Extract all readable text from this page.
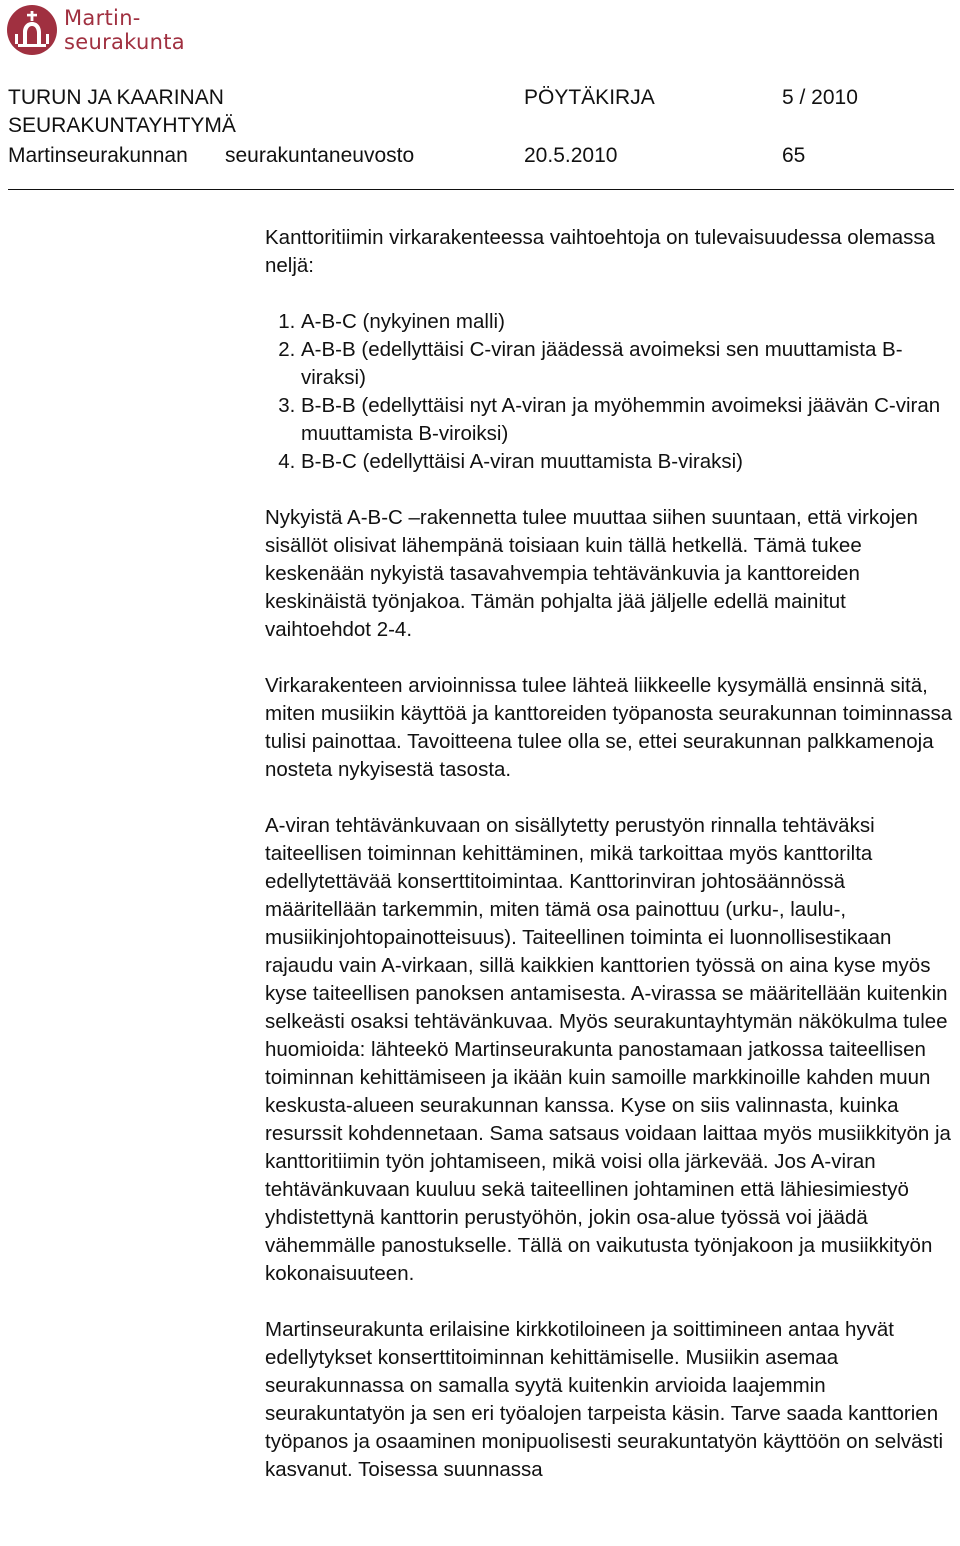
Martin-
seurakunta
TURUN JA KAARINAN
SEURAKUNTAYHTYMÄ
PÖYTÄKIRJA	5 / 2010
Martinseurakunnan seurakuntaneuvosto	20.5.2010	65

Kanttoritiimin virkarakenteessa vaihtoehtoja on tulevaisuudessa olemassa neljä:

1. A-B-C (nykyinen malli)
2. A-B-B (edellyttäisi C-viran jäädessä avoimeksi sen muuttamista B-viraksi)
3. B-B-B (edellyttäisi nyt A-viran ja myöhemmin avoimeksi jäävän C-viran muuttamista B-viroiksi)
4. B-B-C (edellyttäisi A-viran muuttamista B-viraksi)

Nykyistä A-B-C –rakennetta tulee muuttaa siihen suuntaan, että virkojen sisällöt olisivat lähempänä toisiaan kuin tällä hetkellä. Tämä tukee keskenään nykyistä tasavahvempia tehtävänkuvia ja kanttoreiden keskinäistä työnjakoa. Tämän pohjalta jää jäljelle edellä mainitut vaihtoehdot 2-4.

Virkarakenteen arvioinnissa tulee lähteä liikkeelle kysymällä ensinnä sitä, miten musiikin käyttöä ja kanttoreiden työpanosta seurakunnan toiminnassa tulisi painottaa. Tavoitteena tulee olla se, ettei seurakunnan palkkamenoja nosteta nykyisestä tasosta.

A-viran tehtävänkuvaan on sisällytetty perustyön rinnalla tehtäväksi taiteellisen toiminnan kehittäminen, mikä tarkoittaa myös kanttorilta edellytettävää konserttitoimintaa. Kanttorinviran johtosäännössä määritellään tarkemmin, miten tämä osa painottuu (urku-, laulu-, musiikinjohtopainotteisuus). Taiteellinen toiminta ei luonnollisestikaan rajaudu vain A-virkaan, sillä kaikkien kanttorien työssä on aina kyse myös kyse taiteellisen panoksen antamisesta. A-virassa se määritellään kuitenkin selkeästi osaksi tehtävänkuvaa. Myös seurakuntayhtymän näkökulma tulee huomioida: lähteekö Martinseurakunta panostamaan jatkossa taiteellisen toiminnan kehittämiseen ja ikään kuin samoille markkinoille kahden muun keskusta-alueen seurakunnan kanssa. Kyse on siis valinnasta, kuinka resurssit kohdennetaan. Sama satsaus voidaan laittaa myös musiikkityön ja kanttoritiimin työn johtamiseen, mikä voisi olla järkevää. Jos A-viran tehtävänkuvaan kuuluu sekä taiteellinen johtaminen että lähiesimiestyö yhdistettynä kanttorin perustyöhön, jokin osa-alue työssä voi jäädä vähemmälle panostukselle. Tällä on vaikutusta työnjakoon ja musiikkityön kokonaisuuteen.

Martinseurakunta erilaisine kirkkotiloineen ja soittimineen antaa hyvät edellytykset konserttitoiminnan kehittämiselle. Musiikin asemaa seurakunnassa on samalla syytä kuitenkin arvioida laajemmin seurakuntatyön ja sen eri työalojen tarpeista käsin. Tarve saada kanttorien työpanos ja osaaminen monipuolisesti seurakuntatyön käyttöön on selvästi kasvanut. Toisessa suunnassa
